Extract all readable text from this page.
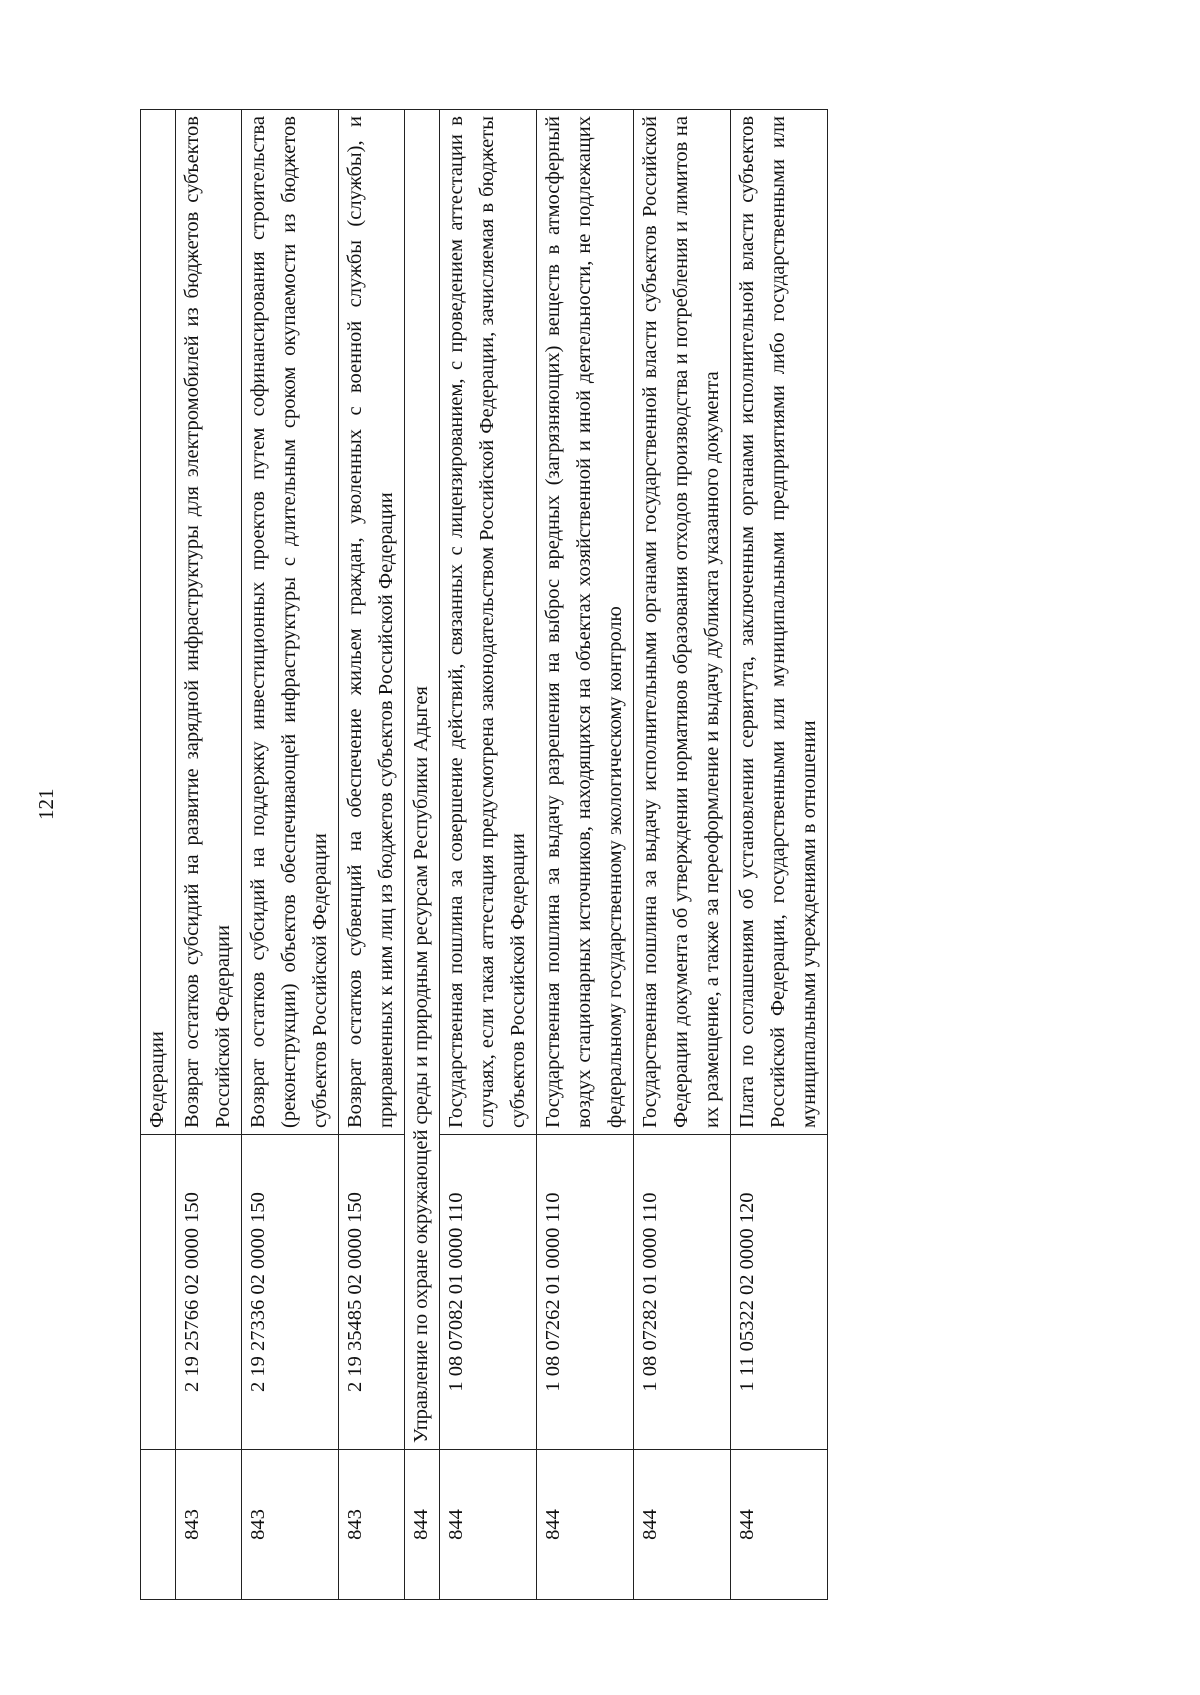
121
		Федерации
843	2 19 25766 02 0000 150	Возврат остатков субсидий на развитие зарядной инфраструктуры для электромобилей из бюджетов субъектов Российской Федерации
843	2 19 27336 02 0000 150	Возврат остатков субсидий на поддержку инвестиционных проектов путем софинансирования строительства (реконструкции) объектов обеспечивающей инфраструктуры с длительным сроком окупаемости из бюджетов субъектов Российской Федерации
843	2 19 35485 02 0000 150	Возврат остатков субвенций на обеспечение жильем граждан, уволенных с военной службы (службы), и приравненных к ним лиц из бюджетов субъектов Российской Федерации
844	Управление по охране окружающей среды и природным ресурсам Республики Адыгея	
844	1 08 07082 01 0000 110	Государственная пошлина за совершение действий, связанных с лицензированием, с проведением аттестации в случаях, если такая аттестация предусмотрена законодательством Российской Федерации, зачисляемая в бюджеты субъектов Российской Федерации
844	1 08 07262 01 0000 110	Государственная пошлина за выдачу разрешения на выброс вредных (загрязняющих) веществ в атмосферный воздух стационарных источников, находящихся на объектах хозяйственной и иной деятельности, не подлежащих федеральному государственному экологическому контролю
844	1 08 07282 01 0000 110	Государственная пошлина за выдачу исполнительными органами государственной власти субъектов Российской Федерации документа об утверждении нормативов образования отходов производства и потребления и лимитов на их размещение, а также за переоформление и выдачу дубликата указанного документа
844	1 11 05322 02 0000 120	Плата по соглашениям об установлении сервитута, заключенным органами исполнительной власти субъектов Российской Федерации, государственными или муниципальными предприятиями либо государственными или муниципальными учреждениями в отношении
